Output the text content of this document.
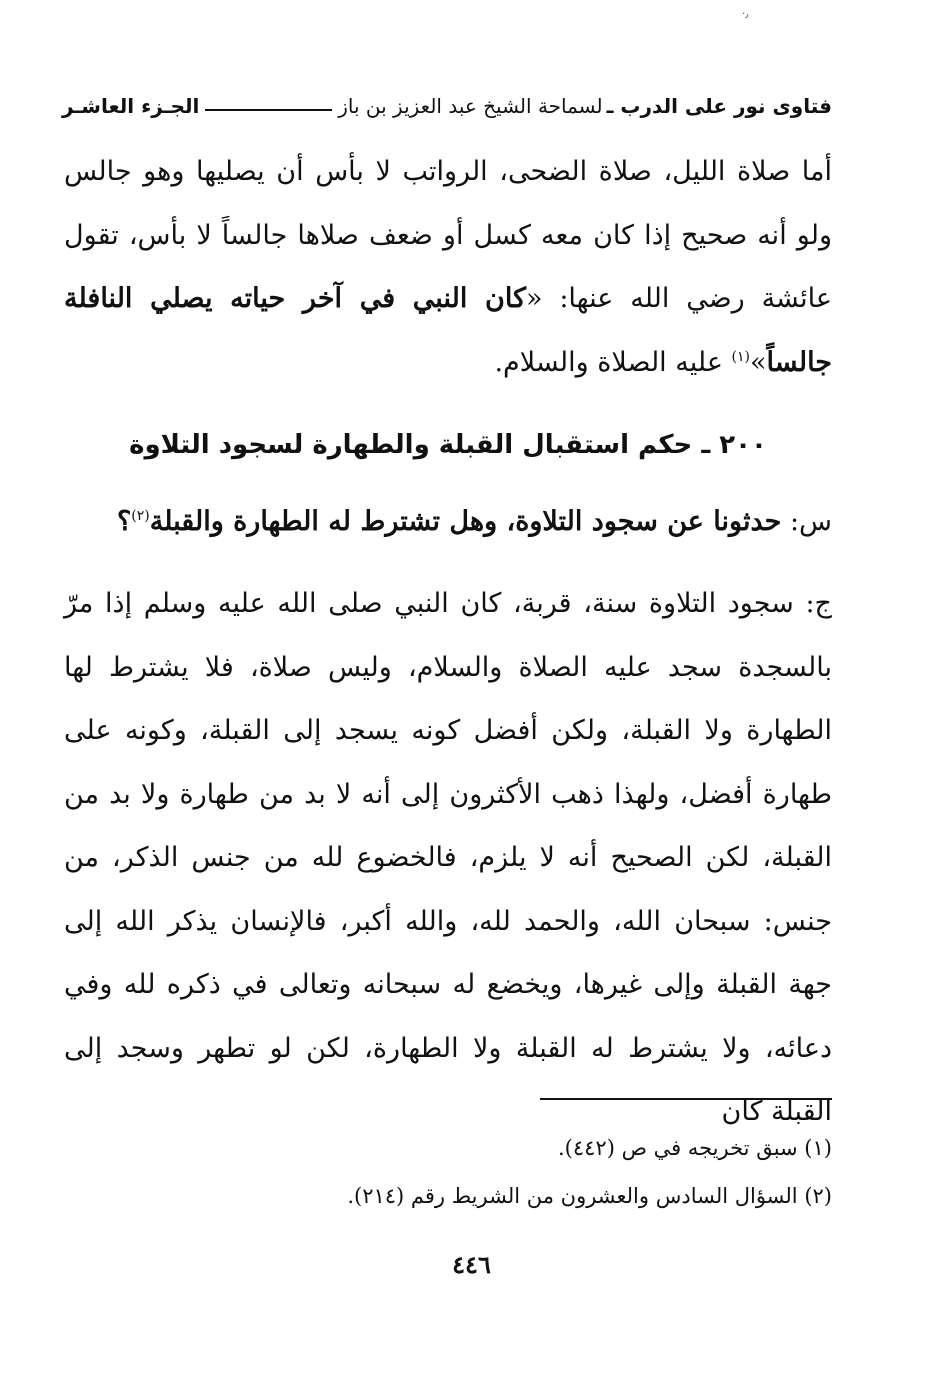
·٫
فتاوى نور على الدرب ـ
لسماحة الشيخ عبد العزيز بن باز
الجـزء العاشـر

أما صلاة الليل، صلاة الضحى، الرواتب لا بأس أن يصليها وهو جالس ولو أنه صحيح إذا كان معه كسل أو ضعف صلاها جالساً لا بأس، تقول عائشة رضي الله عنها: «كان النبي في آخر حياته يصلي النافلة جالساً»$^{(١)}$ عليه الصلاة والسلام.

٢٠٠ ـ حكم استقبال القبلة والطهارة لسجود التلاوة
س: حدثونا عن سجود التلاوة، وهل تشترط له الطهارة والقبلة$^{(٢)}$؟

ج: سجود التلاوة سنة، قربة، كان النبي صلى الله عليه وسلم إذا مرّ بالسجدة سجد عليه الصلاة والسلام، وليس صلاة، فلا يشترط لها الطهارة ولا القبلة، ولكن أفضل كونه يسجد إلى القبلة، وكونه على طهارة أفضل، ولهذا ذهب الأكثرون إلى أنه لا بد من طهارة ولا بد من القبلة، لكن الصحيح أنه لا يلزم، فالخضوع لله من جنس الذكر، من جنس: سبحان الله، والحمد لله، والله أكبر، فالإنسان يذكر الله إلى جهة القبلة وإلى غيرها، ويخضع له سبحانه وتعالى في ذكره لله وفي دعائه، ولا يشترط له القبلة ولا الطهارة، لكن لو تطهر وسجد إلى القبلة كان

(١) سبق تخريجه في ص (٤٤٢).
(٢) السؤال السادس والعشرون من الشريط رقم (٢١٤).
٤٤٦
